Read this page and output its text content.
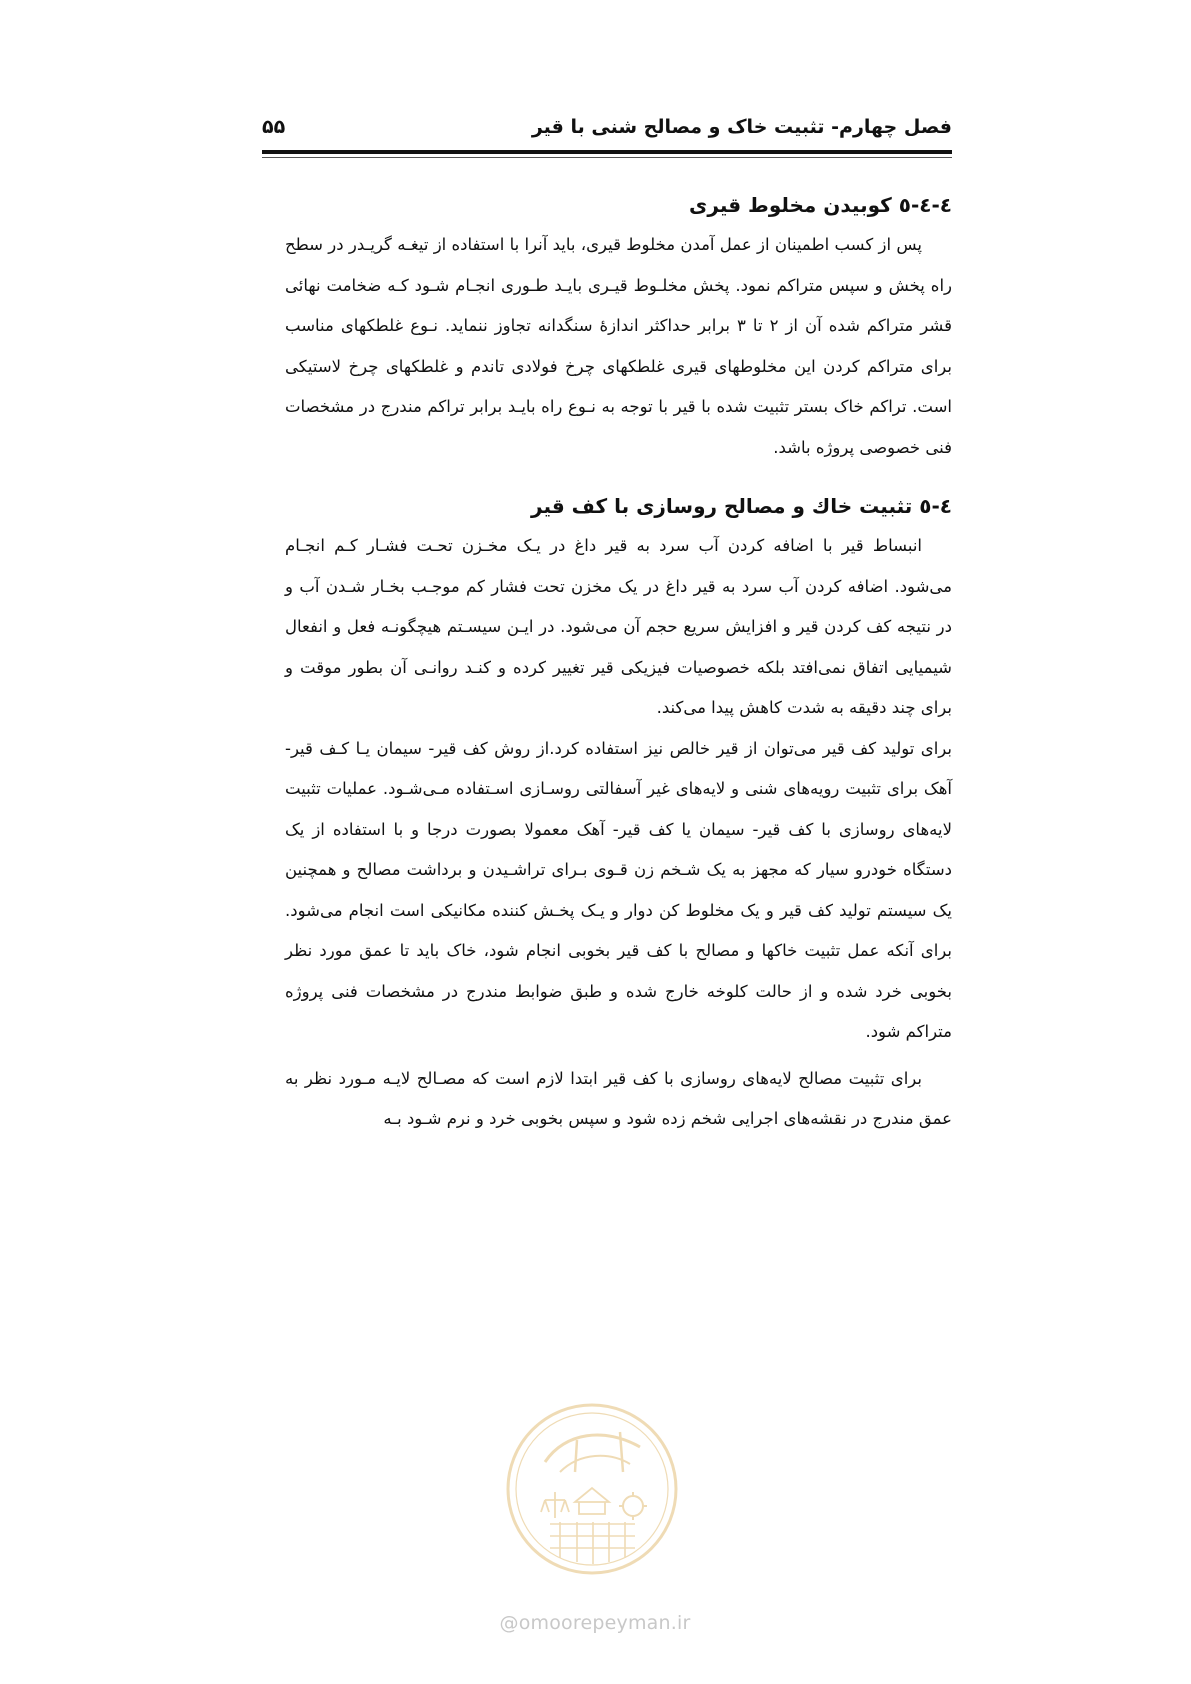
فصل چهارم- تثبیت خاک و مصالح شنی با قیر
۵۵
٤-٤-٥ كوبيدن مخلوط قيرى

پس از کسب اطمینان از عمل آمدن مخلوط قیری، باید آنرا با استفاده از تیغـه گریـدر در سطح راه پخش و سپس متراکم نمود. پخش مخلـوط قیـری بایـد طـوری انجـام شـود کـه ضخامت نهائی قشر متراکم شده آن از ۲ تا ۳ برابر حداکثر اندازهٔ سنگدانه تجاوز ننماید. نـوع غلطکهای مناسب برای متراکم کردن این مخلوطهای قیری غلطکهای چرخ فولادی تاندم و غلطکهای چرخ لاستیکی است. تراکم خاک بستر تثبیت شده با قیر با توجه به نـوع راه بایـد برابر تراکم مندرج در مشخصات فنی خصوصی پروژه باشد.

٤-٥ تثبيت خاك و مصالح روسازى با كف قير

انبساط قیر با اضافه کردن آب سرد به قیر داغ در یـک مخـزن تحـت فشـار کـم انجـام می‌شود. اضافه کردن آب سرد به قیر داغ در یک مخزن تحت فشار کم موجـب بخـار شـدن آب و در نتیجه کف کردن قیر و افزایش سریع حجم آن می‌شود. در ایـن سیسـتم هیچگونـه فعل و انفعال شیمیایی اتفاق نمی‌افتد بلکه خصوصیات فیزیکی قیر تغییر کرده و کنـد روانـی آن بطور موقت و برای چند دقیقه به شدت کاهش پیدا می‌کند.

برای تولید کف قیر می‌توان از قیر خالص نیز استفاده کرد.از روش کف قیر- سیمان یـا کـف قیر- آهک برای تثبیت رویه‌های شنی و لایه‌های غیر آسفالتی روسـازی اسـتفاده مـی‌شـود. عملیات تثبیت لایه‌های روسازی با کف قیر- سیمان یا کف قیر- آهک معمولا بصورت درجا و با استفاده از یک دستگاه خودرو سیار که مجهز به یک شـخم زن قـوی بـرای تراشـیدن و برداشت مصالح و همچنین یک سیستم تولید کف قیر و یک مخلوط کن دوار و یـک پخـش کننده مکانیکی است انجام می‌شود. برای آنکه عمل تثبیت خاکها و مصالح با کف قیر بخوبی انجام شود، خاک باید تا عمق مورد نظر بخوبی خرد شده و از حالت کلوخه خارج شده و طبق ضوابط مندرج در مشخصات فنی پروژه متراکم شود.

برای تثبیت مصالح لایه‌های روسازی با کف قیر ابتدا لازم است که مصـالح لایـه مـورد نظر به عمق مندرج در نقشه‌های اجرایی شخم زده شود و سپس بخوبی خرد و نرم شـود بـه

@omoorepeyman.ir
